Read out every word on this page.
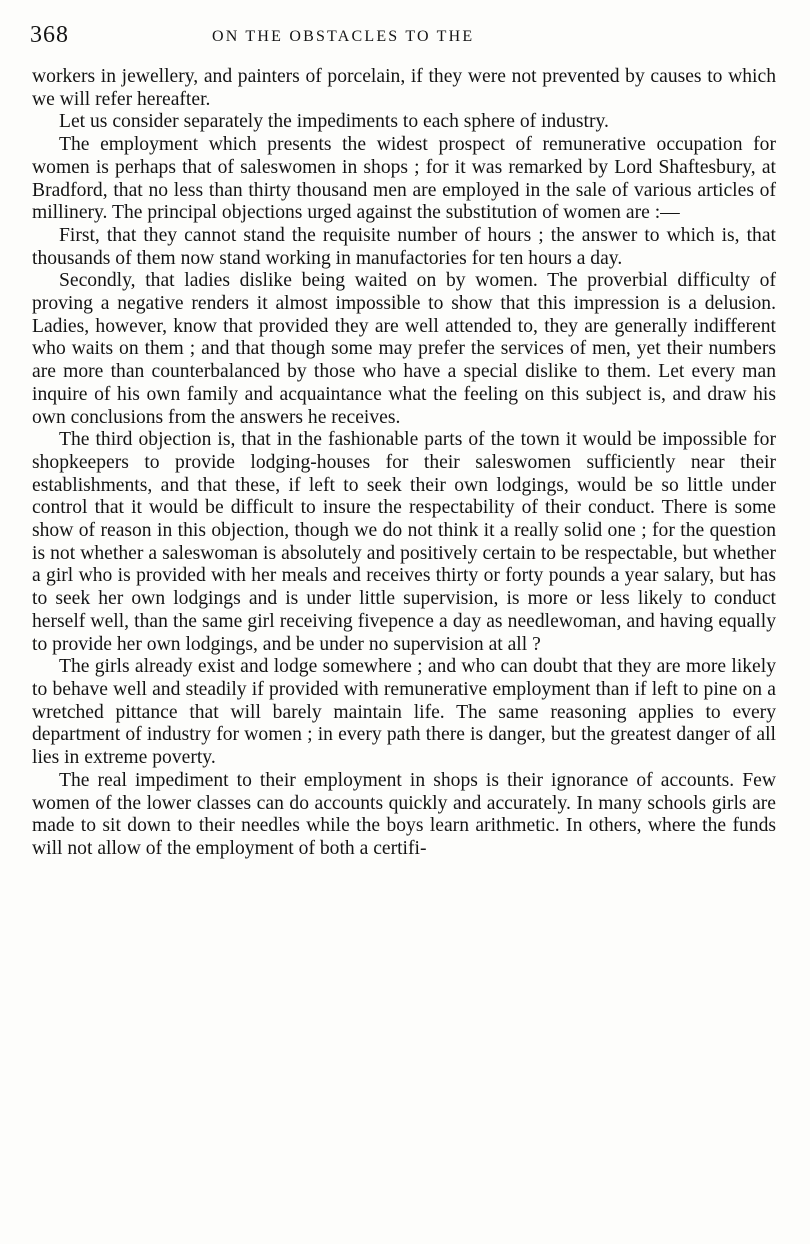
368	ON THE OBSTACLES TO THE

workers in jewellery, and painters of porcelain, if they were not prevented by causes to which we will refer hereafter.

Let us consider separately the impediments to each sphere of industry.

The employment which presents the widest prospect of remunerative occupation for women is perhaps that of saleswomen in shops ; for it was remarked by Lord Shaftesbury, at Bradford, that no less than thirty thousand men are employed in the sale of various articles of millinery. The principal objections urged against the substitution of women are :—

First, that they cannot stand the requisite number of hours ; the answer to which is, that thousands of them now stand working in manufactories for ten hours a day.

Secondly, that ladies dislike being waited on by women. The proverbial difficulty of proving a negative renders it almost impossible to show that this impression is a delusion. Ladies, however, know that provided they are well attended to, they are generally indifferent who waits on them ; and that though some may prefer the services of men, yet their numbers are more than counterbalanced by those who have a special dislike to them. Let every man inquire of his own family and acquaintance what the feeling on this subject is, and draw his own conclusions from the answers he receives.

The third objection is, that in the fashionable parts of the town it would be impossible for shopkeepers to provide lodging-houses for their saleswomen sufficiently near their establishments, and that these, if left to seek their own lodgings, would be so little under control that it would be difficult to insure the respectability of their conduct. There is some show of reason in this objection, though we do not think it a really solid one ; for the question is not whether a saleswoman is absolutely and positively certain to be respectable, but whether a girl who is provided with her meals and receives thirty or forty pounds a year salary, but has to seek her own lodgings and is under little supervision, is more or less likely to conduct herself well, than the same girl receiving fivepence a day as needlewoman, and having equally to provide her own lodgings, and be under no supervision at all ?

The girls already exist and lodge somewhere ; and who can doubt that they are more likely to behave well and steadily if provided with remunerative employment than if left to pine on a wretched pittance that will barely maintain life. The same reasoning applies to every department of industry for women ; in every path there is danger, but the greatest danger of all lies in extreme poverty.

The real impediment to their employment in shops is their ignorance of accounts. Few women of the lower classes can do accounts quickly and accurately. In many schools girls are made to sit down to their needles while the boys learn arithmetic. In others, where the funds will not allow of the employment of both a certifi-
